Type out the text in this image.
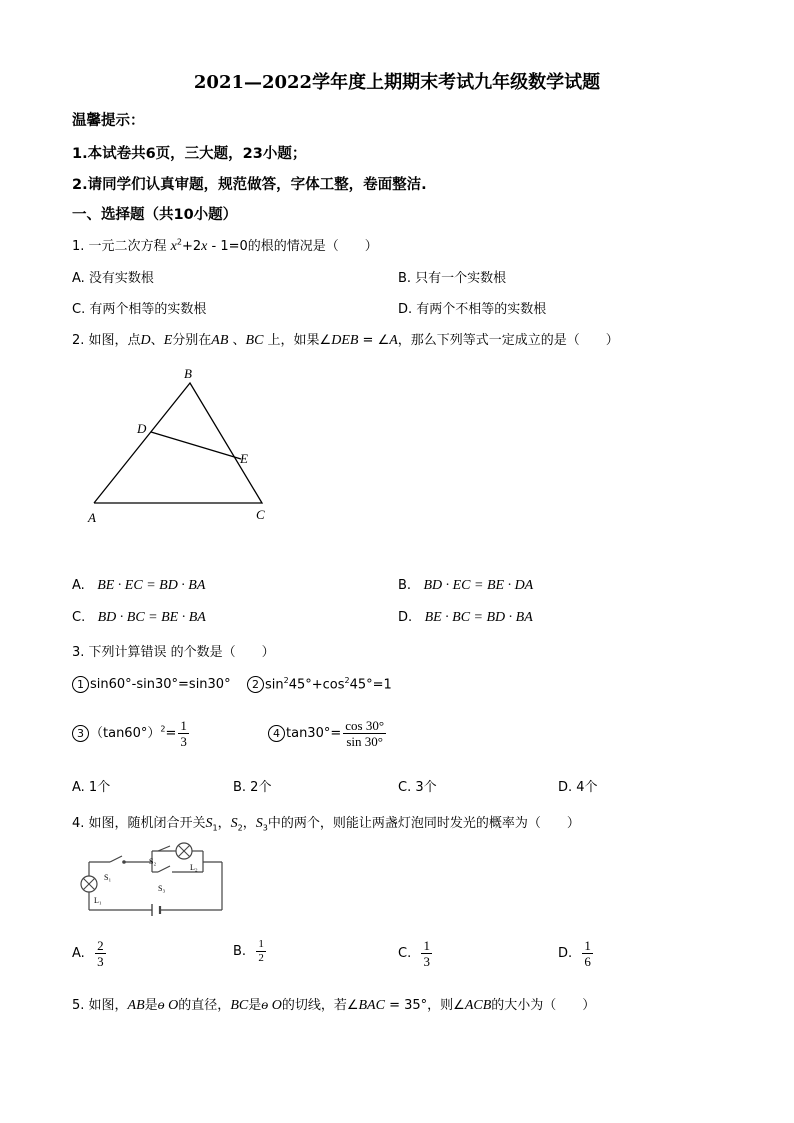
2021—2022学年度上期期末考试九年级数学试题
温馨提示：
1.本试卷共6页，三大题，23小题；
2.请同学们认真审题，规范做答，字体工整，卷面整洁.
一、选择题（共10小题）
1. 一元二次方程 $x^2+2x - 1=0$的根的情况是（　　）
A. 没有实数根	B. 只有一个实数根
C. 有两个相等的实数根	D. 有两个不相等的实数根
2. 如图，点D、E分别在AB 、BC 上，如果∠DEB = ∠A，那么下列等式一定成立的是（　　）
B
D
E
A	C
A. BE · EC = BD · BA	B. BD · EC = BE · DA
C. BD · BC = BE · BA	D. BE · BC = BD · BA
3. 下列计算错误 的个数是（　　）
1 sin60°-sin30°=sin30°	2 $\sin^245^\circ+\cos^245^\circ=1$
3 $(\tan 60^\circ)^2= \frac{1}{3}$	4 $\tan 30^\circ= \frac{\cos 30^\circ}{\sin 30^\circ}$
A. 1个	B. 2个	C. 3个	D. 4个
4. 如图，随机闭合开关$S_1$，$S_2$，$S_3$中的两个，则能让两盏灯泡同时发光的概率为（　　）
S₁
S₂
S₃
L₁
L₂
A. $\frac{2}{3}$	B. $\frac{1}{2}$	C. $\frac{1}{3}$	D. $\frac{1}{6}$
5. 如图，AB是ɵ O的直径，BC是ɵ O的切线，若∠BAC = 35°，则∠ACB的大小为（　　）
